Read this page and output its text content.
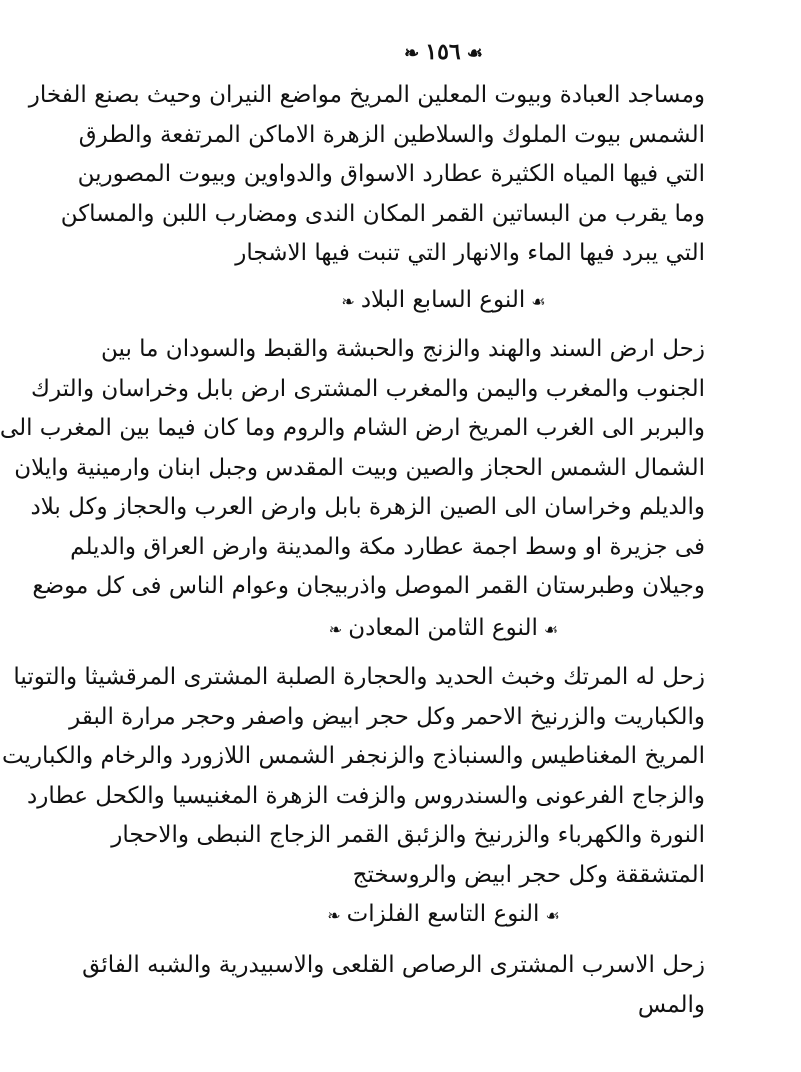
☙١٥٦❧
ومساجد العبادة وبيوت المعلين المريخ مواضع النيران وحيث بصنع الفخار
الشمس بيوت الملوك والسلاطين الزهرة الاماكن المرتفعة والطرق
التي فيها المياه الكثيرة عطارد الاسواق والدواوين وبيوت المصورين
وما يقرب من البساتين القمر المكان الندى ومضارب اللبن والمساكن
التي يبرد فيها الماء والانهار التي تنبت فيها الاشجار
☙النوع السابع البلاد❧
زحل ارض السند والهند والزنج والحبشة والقبط والسودان ما بين
الجنوب والمغرب واليمن والمغرب المشترى ارض بابل وخراسان والترك
والبربر الى الغرب المريخ ارض الشام والروم وما كان فيما بين المغرب الى
الشمال الشمس الحجاز والصين وبيت المقدس وجبل ابنان وارمينية وايلان
والديلم وخراسان الى الصين الزهرة بابل وارض العرب والحجاز وكل بلاد
فى جزيرة او وسط اجمة عطارد مكة والمدينة وارض العراق والديلم
وجيلان وطبرستان القمر الموصل واذربيجان وعوام الناس فى كل موضع
☙النوع الثامن المعادن❧
زحل له المرتك وخبث الحديد والحجارة الصلبة المشترى المرقشيثا والتوتيا
والكباريت والزرنيخ الاحمر وكل حجر ابيض واصفر وحجر مرارة البقر
المريخ المغناطيس والسنباذج والزنجفر الشمس اللازورد والرخام والكباريت
والزجاج الفرعونى والسندروس والزفت الزهرة المغنيسيا والكحل عطارد
النورة والكهرباء والزرنيخ والزئبق القمر الزجاج النبطى والاحجار
المتشققة وكل حجر ابيض والروسختج
☙النوع التاسع الفلزات❧
زحل الاسرب المشترى الرصاص القلعى والاسبيدرية والشبه الفائق
والمس
